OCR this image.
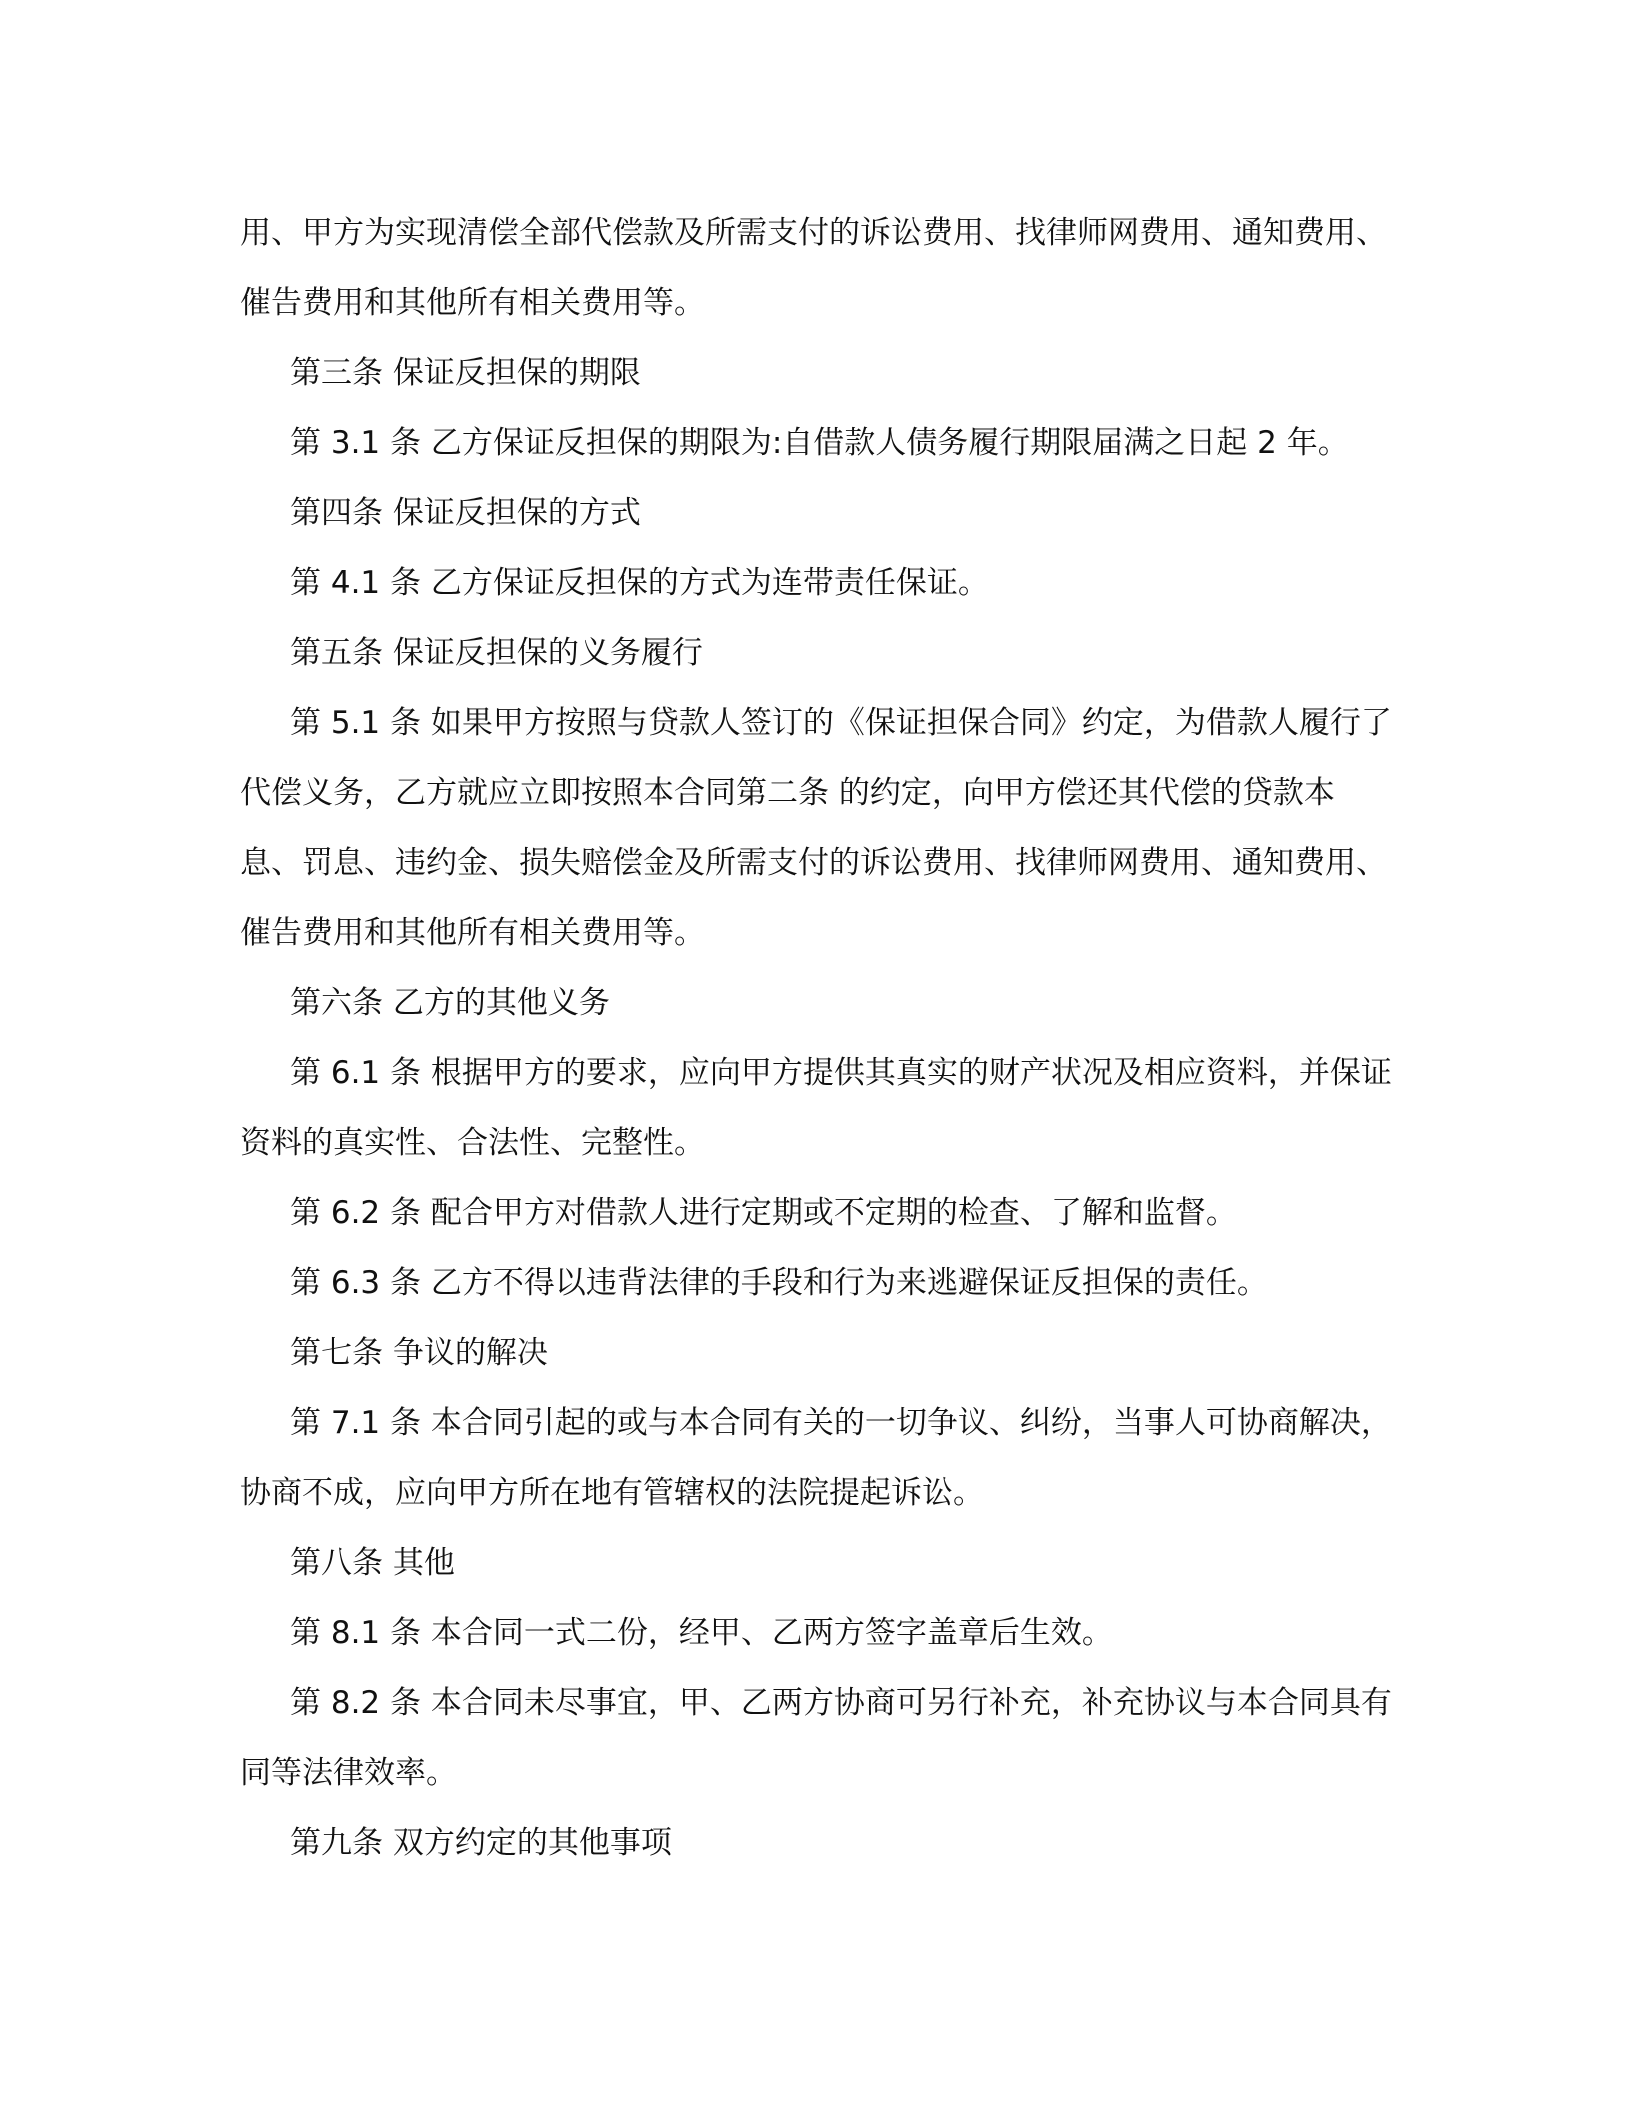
用、甲方为实现清偿全部代偿款及所需支付的诉讼费用、找律师网费用、通知费用、催告费用和其他所有相关费用等。

第三条 保证反担保的期限

第 3.1 条 乙方保证反担保的期限为:自借款人债务履行期限届满之日起 2 年。

第四条 保证反担保的方式

第 4.1 条 乙方保证反担保的方式为连带责任保证。

第五条 保证反担保的义务履行

第 5.1 条 如果甲方按照与贷款人签订的《保证担保合同》约定，为借款人履行了代偿义务，乙方就应立即按照本合同第二条 的约定，向甲方偿还其代偿的贷款本息、罚息、违约金、损失赔偿金及所需支付的诉讼费用、找律师网费用、通知费用、催告费用和其他所有相关费用等。

第六条 乙方的其他义务

第 6.1 条 根据甲方的要求，应向甲方提供其真实的财产状况及相应资料，并保证资料的真实性、合法性、完整性。

第 6.2 条 配合甲方对借款人进行定期或不定期的检查、了解和监督。

第 6.3 条 乙方不得以违背法律的手段和行为来逃避保证反担保的责任。

第七条 争议的解决

第 7.1 条 本合同引起的或与本合同有关的一切争议、纠纷，当事人可协商解决，协商不成，应向甲方所在地有管辖权的法院提起诉讼。

第八条 其他

第 8.1 条 本合同一式二份，经甲、乙两方签字盖章后生效。

第 8.2 条 本合同未尽事宜，甲、乙两方协商可另行补充，补充协议与本合同具有同等法律效率。

第九条 双方约定的其他事项
